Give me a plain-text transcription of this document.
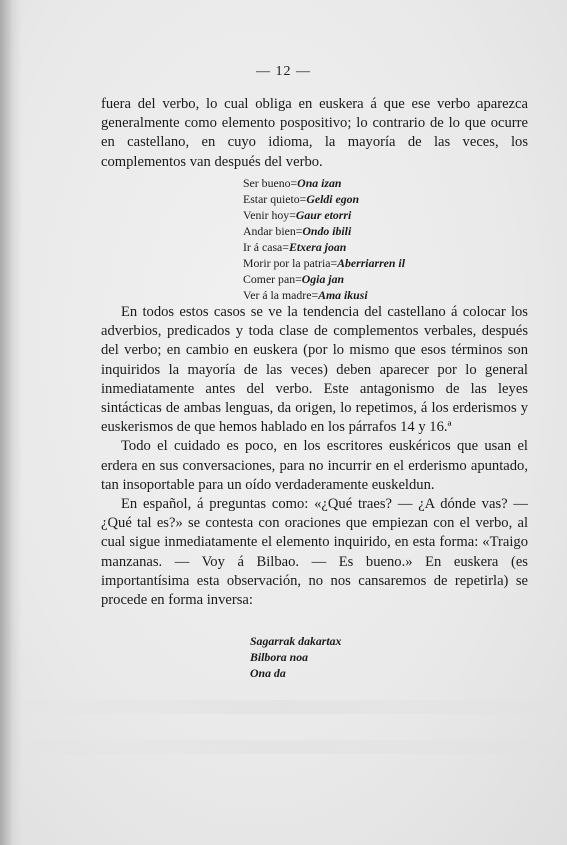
— 12 —

fuera del verbo, lo cual obliga en euskera á que ese verbo aparezca generalmente como elemento pospositivo; lo contrario de lo que ocurre en castellano, en cuyo idioma, la mayoría de las veces, los complementos van después del verbo.

Ser bueno=Ona izan
Estar quieto=Geldi egon
Venir hoy=Gaur etorri
Andar bien=Ondo ibili
Ir á casa=Etxera joan
Morir por la patria=Aberriarren il
Comer pan=Ogia jan
Ver á la madre=Ama ikusi

En todos estos casos se ve la tendencia del castellano á colocar los adverbios, predicados y toda clase de complementos verbales, después del verbo; en cambio en euskera (por lo mismo que esos términos son inquiridos la mayoría de las veces) deben aparecer por lo general inmediatamente antes del verbo. Este antagonismo de las leyes sintácticas de ambas lenguas, da origen, lo repetimos, á los erderismos y euskerismos de que hemos hablado en los párrafos 14 y 16.ª

Todo el cuidado es poco, en los escritores euskéricos que usan el erdera en sus conversaciones, para no incurrir en el erderismo apuntado, tan insoportable para un oído verdaderamente euskeldun.

En español, á preguntas como: «¿Qué traes? — ¿A dónde vas? — ¿Qué tal es?» se contesta con oraciones que empiezan con el verbo, al cual sigue inmediatamente el elemento inquirido, en esta forma: «Traigo manzanas. — Voy á Bilbao. — Es bueno.» En euskera (es importantísima esta observación, no nos cansaremos de repetirla) se procede en forma inversa:

Sagarrak dakartax
Bilbora noa
Ona da
